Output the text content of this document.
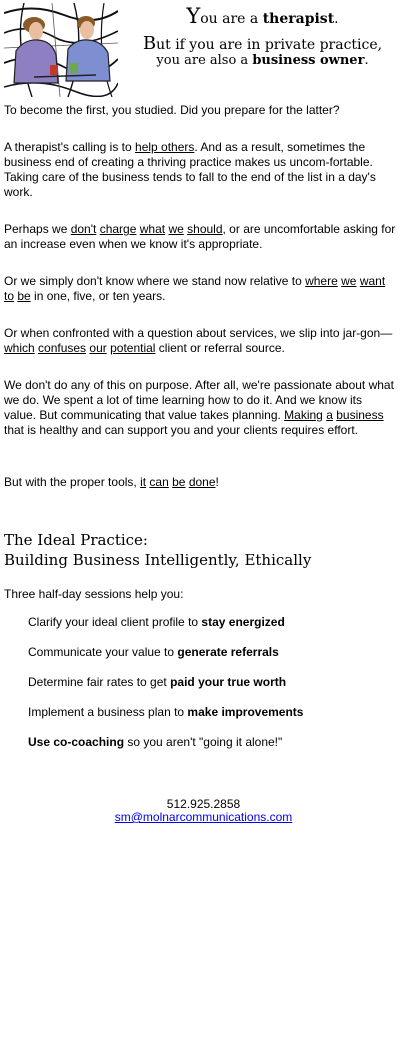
You are a therapist.
But if you are in private practice,
you are also a business owner.

To become the first, you studied. Did you prepare for the latter?

A therapist's calling is to help others. And as a result, sometimes the business end of creating a thriving practice makes us uncom-fortable. Taking care of the business tends to fall to the end of the list in a day's work.

Perhaps we don't charge what we should, or are uncomfortable asking for an increase even when we know it's appropriate.

Or we simply don't know where we stand now relative to where we want to be in one, five, or ten years.

Or when confronted with a question about services, we slip into jar-gon—which confuses our potential client or referral source.

We don't do any of this on purpose. After all, we're passionate about what we do. We spent a lot of time learning how to do it. And we know its value. But communicating that value takes planning. Making a business that is healthy and can support you and your clients requires effort.

But with the proper tools, it can be done!

The Ideal Practice:
Building Business Intelligently, Ethically

Three half-day sessions help you:

Clarify your ideal client profile to stay energized
Communicate your value to generate referrals
Determine fair rates to get paid your true worth
Implement a business plan to make improvements
Use co-coaching so you aren't "going it alone!"
512.925.2858
sm@molnarcommunications.com
